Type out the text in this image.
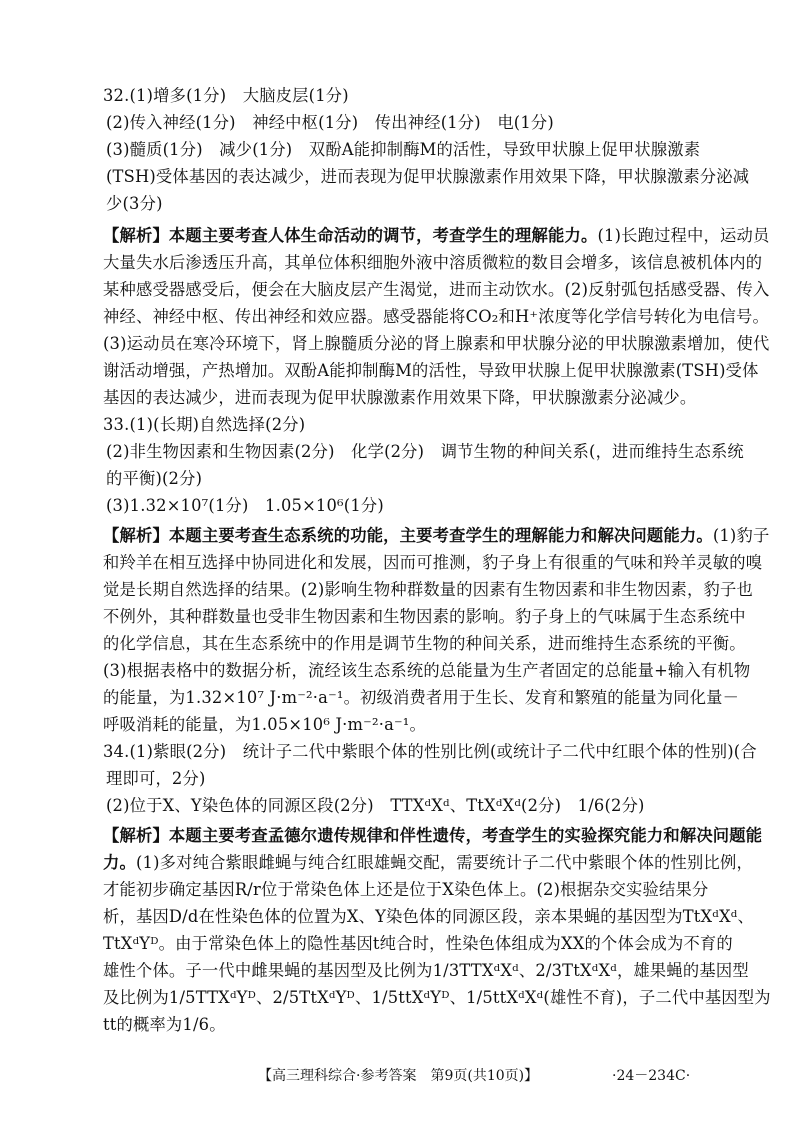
32.(1)增多(1分)　大脑皮层(1分)
(2)传入神经(1分)　神经中枢(1分)　传出神经(1分)　电(1分)
(3)髓质(1分)　减少(1分)　双酚A能抑制酶M的活性，导致甲状腺上促甲状腺激素
(TSH)受体基因的表达减少，进而表现为促甲状腺激素作用效果下降，甲状腺激素分泌减
少(3分)
【解析】本题主要考查人体生命活动的调节，考查学生的理解能力。(1)长跑过程中，运动员
大量失水后渗透压升高，其单位体积细胞外液中溶质微粒的数目会增多，该信息被机体内的
某种感受器感受后，便会在大脑皮层产生渴觉，进而主动饮水。(2)反射弧包括感受器、传入
神经、神经中枢、传出神经和效应器。感受器能将CO₂和H⁺浓度等化学信号转化为电信号。
(3)运动员在寒冷环境下，肾上腺髓质分泌的肾上腺素和甲状腺分泌的甲状腺激素增加，使代
谢活动增强，产热增加。双酚A能抑制酶M的活性，导致甲状腺上促甲状腺激素(TSH)受体
基因的表达减少，进而表现为促甲状腺激素作用效果下降，甲状腺激素分泌减少。
33.(1)(长期)自然选择(2分)
(2)非生物因素和生物因素(2分)　化学(2分)　调节生物的种间关系(，进而维持生态系统
的平衡)(2分)
(3)1.32×10⁷(1分)　1.05×10⁶(1分)
【解析】本题主要考查生态系统的功能，主要考查学生的理解能力和解决问题能力。(1)豹子
和羚羊在相互选择中协同进化和发展，因而可推测，豹子身上有很重的气味和羚羊灵敏的嗅
觉是长期自然选择的结果。(2)影响生物种群数量的因素有生物因素和非生物因素，豹子也
不例外，其种群数量也受非生物因素和生物因素的影响。豹子身上的气味属于生态系统中
的化学信息，其在生态系统中的作用是调节生物的种间关系，进而维持生态系统的平衡。
(3)根据表格中的数据分析，流经该生态系统的总能量为生产者固定的总能量+输入有机物
的能量，为1.32×10⁷ J·m⁻²·a⁻¹。初级消费者用于生长、发育和繁殖的能量为同化量－
呼吸消耗的能量，为1.05×10⁶ J·m⁻²·a⁻¹。
34.(1)紫眼(2分)　统计子二代中紫眼个体的性别比例(或统计子二代中红眼个体的性别)(合
理即可，2分)
(2)位于X、Y染色体的同源区段(2分)　TTXᵈXᵈ、TtXᵈXᵈ(2分)　1/6(2分)
【解析】本题主要考查孟德尔遗传规律和伴性遗传，考查学生的实验探究能力和解决问题能
力。(1)多对纯合紫眼雌蝇与纯合红眼雄蝇交配，需要统计子二代中紫眼个体的性别比例，
才能初步确定基因R/r位于常染色体上还是位于X染色体上。(2)根据杂交实验结果分
析，基因D/d在性染色体的位置为X、Y染色体的同源区段，亲本果蝇的基因型为TtXᵈXᵈ、
TtXᵈYᴰ。由于常染色体上的隐性基因t纯合时，性染色体组成为XX的个体会成为不育的
雄性个体。子一代中雌果蝇的基因型及比例为1/3TTXᵈXᵈ、2/3TtXᵈXᵈ，雄果蝇的基因型
及比例为1/5TTXᵈYᴰ、2/5TtXᵈYᴰ、1/5ttXᵈYᴰ、1/5ttXᵈXᵈ(雄性不育)，子二代中基因型为
tt的概率为1/6。
【高三理科综合·参考答案　第9页(共10页)】	·24－234C·
